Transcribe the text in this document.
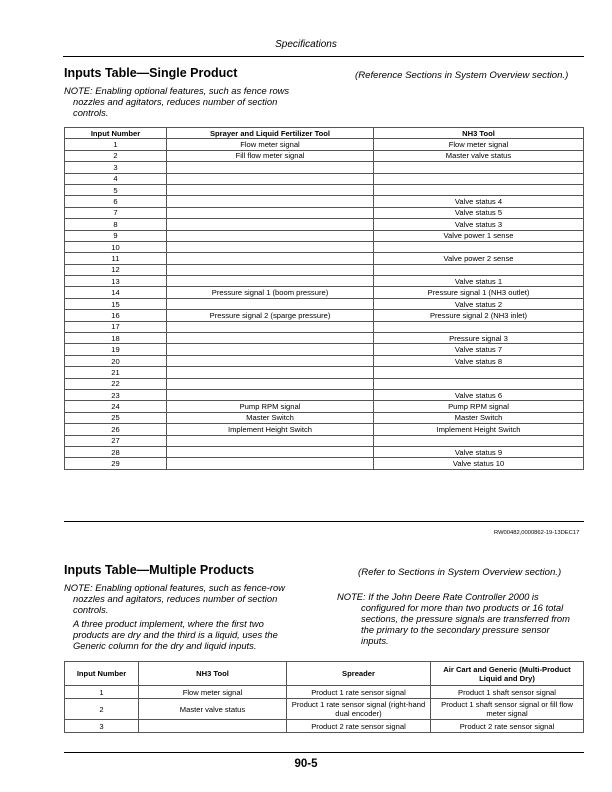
Specifications
Inputs Table—Single Product	(Reference Sections in System Overview section.)
NOTE: Enabling optional features, such as fence rows
nozzles and agitators, reduces number of section
controls.
Input Number	Sprayer and Liquid Fertilizer Tool	NH3 Tool
1	Flow meter signal	Flow meter signal
2	Fill flow meter signal	Master valve status
3		
4		
5		
6		Valve status 4
7		Valve status 5
8		Valve status 3
9		Valve power 1 sense
10		
11		Valve power 2 sense
12		
13		Valve status 1
14	Pressure signal 1 (boom pressure)	Pressure signal 1 (NH3 outlet)
15		Valve status 2
16	Pressure signal 2 (sparge pressure)	Pressure signal 2 (NH3 inlet)
17		
18		Pressure signal 3
19		Valve status 7
20		Valve status 8
21		
22		
23		Valve status 6
24	Pump RPM signal	Pump RPM signal
25	Master Switch	Master Switch
26	Implement Height Switch	Implement Height Switch
27		
28		Valve status 9
29		Valve status 10
RW00482,0000862-19-13DEC17
Inputs Table—Multiple Products	(Refer to Sections in System Overview section.)
NOTE: Enabling optional features, such as fence-row
nozzles and agitators, reduces number of section
controls.
A three product implement, where the first two
products are dry and the third is a liquid, uses the
Generic column for the dry and liquid inputs.
NOTE: If the John Deere Rate Controller 2000 is
configured for more than two products or 16 total
sections, the pressure signals are transferred from
the primary to the secondary pressure sensor
inputs.
Input Number	NH3 Tool	Spreader	Air Cart and Generic (Multi-Product Liquid and Dry)
1	Flow meter signal	Product 1 rate sensor signal	Product 1 shaft sensor signal
2	Master valve status	Product 1 rate sensor signal (right-hand dual encoder)	Product 1 shaft sensor signal or fill flow meter signal
3		Product 2 rate sensor signal	Product 2 rate sensor signal
90-5
